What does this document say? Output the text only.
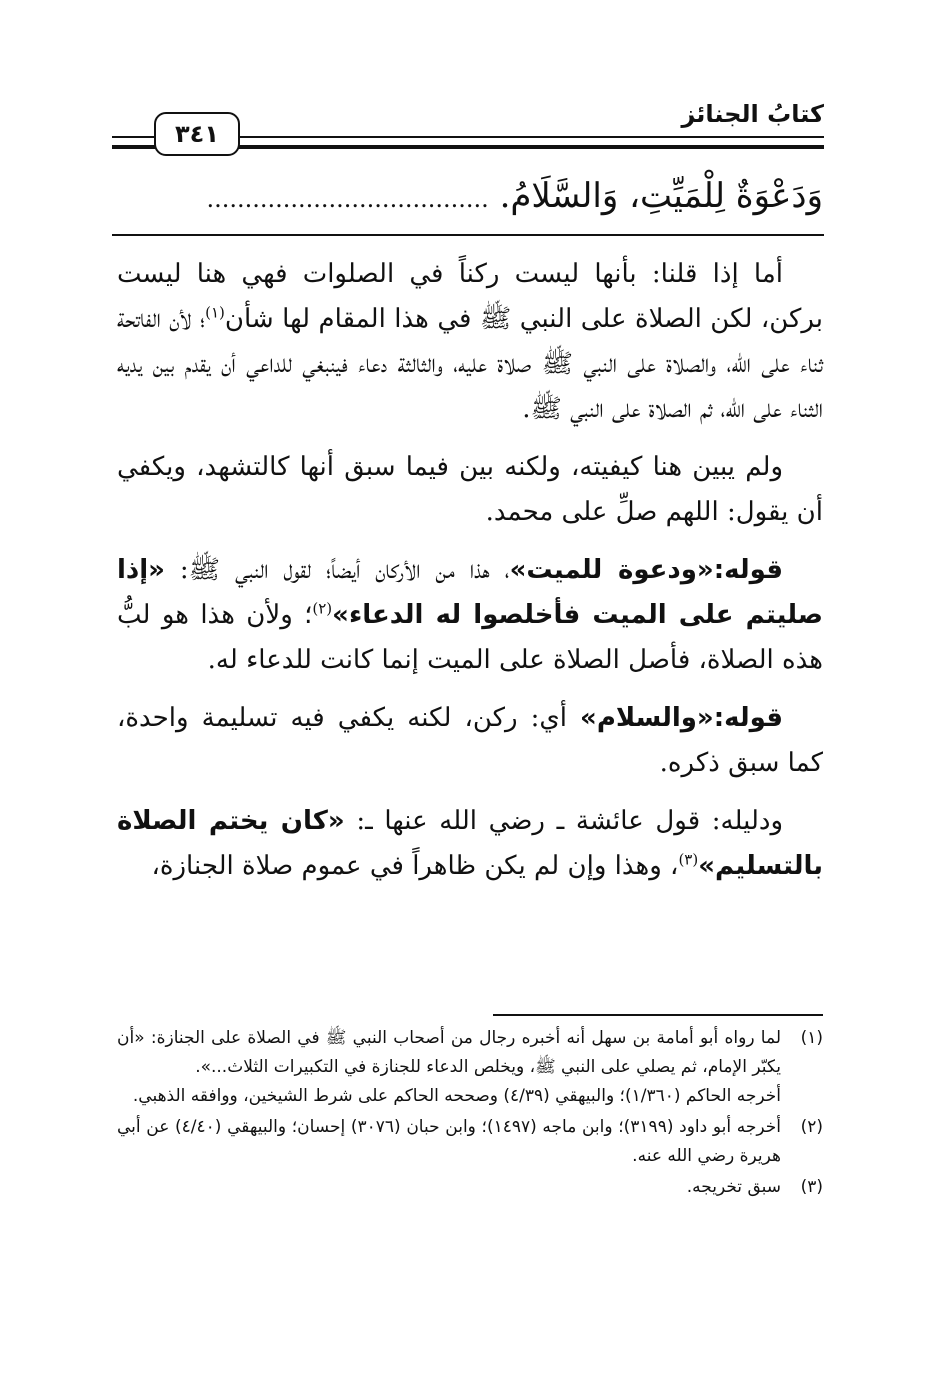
كتابُ الجنائز
٣٤١
وَدَعْوَةٌ لِلْمَيِّتِ، وَالسَّلَامُ. .....................................

أما إذا قلنا: بأنها ليست ركناً في الصلوات فهي هنا ليست بركن، لكن الصلاة على النبي ﷺ في هذا المقام لها شأن$^{(١)}$؛ لأن الفاتحة ثناء على الله، والصلاة على النبي ﷺ صلاة عليه، والثالثة دعاء فينبغي للداعي أن يقدم بين يديه الثناء على الله، ثم الصلاة على النبي ﷺ.

ولم يبين هنا كيفيته، ولكنه بين فيما سبق أنها كالتشهد، ويكفي أن يقول: اللهم صلِّ على محمد.

قوله:«ودعوة للميت»، هذا من الأركان أيضاً؛ لقول النبي ﷺ: «إذا صليتم على الميت فأخلصوا له الدعاء»$^{(٢)}$؛ ولأن هذا هو لبُّ هذه الصلاة، فأصل الصلاة على الميت إنما كانت للدعاء له.

قوله:«والسلام» أي: ركن، لكنه يكفي فيه تسليمة واحدة، كما سبق ذكره.

ودليله: قول عائشة ـ رضي الله عنها ـ: «كان يختم الصلاة بالتسليم»$^{(٣)}$، وهذا وإن لم يكن ظاهراً في عموم صلاة الجنازة،

(١)
لما رواه أبو أمامة بن سهل أنه أخبره رجال من أصحاب النبي ﷺ في الصلاة على الجنازة: «أن يكبّر الإمام، ثم يصلي على النبي ﷺ، ويخلص الدعاء للجنازة في التكبيرات الثلاث...».
أخرجه الحاكم (١/٣٦٠)؛ والبيهقي (٤/٣٩) وصححه الحاكم على شرط الشيخين، ووافقه الذهبي.
(٢)
أخرجه أبو داود (٣١٩٩)؛ وابن ماجه (١٤٩٧)؛ وابن حبان (٣٠٧٦) إحسان؛ والبيهقي (٤/٤٠) عن أبي هريرة رضي الله عنه.
(٣)
سبق تخريجه.
